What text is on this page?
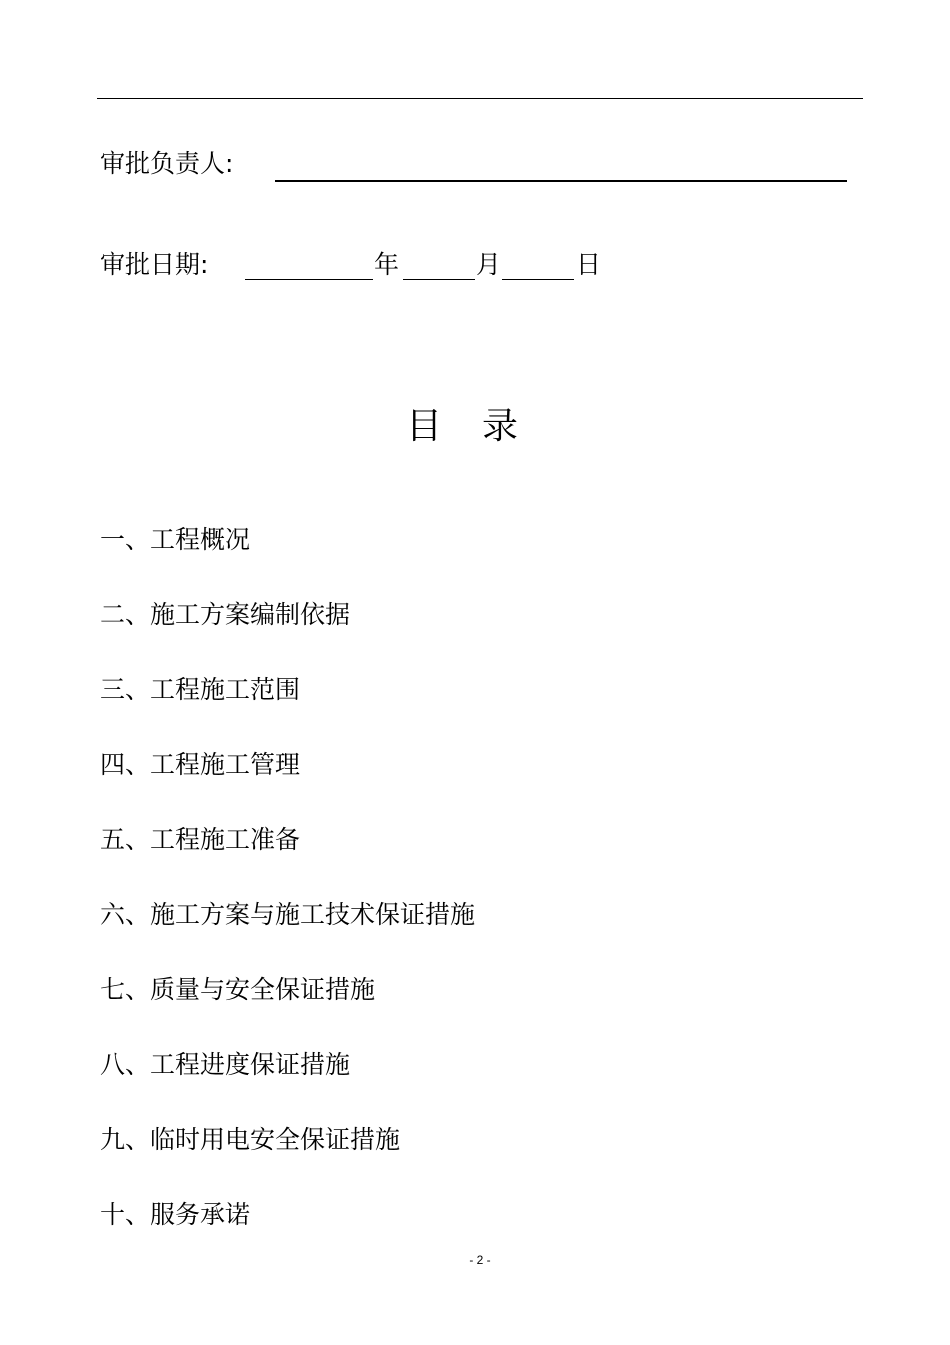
审批负责人:
审批日期:	年	月	日
目录
一、工程概况
二、施工方案编制依据
三、工程施工范围
四、工程施工管理
五、工程施工准备
六、施工方案与施工技术保证措施
七、质量与安全保证措施
八、工程进度保证措施
九、临时用电安全保证措施
十、服务承诺
- 2 -
